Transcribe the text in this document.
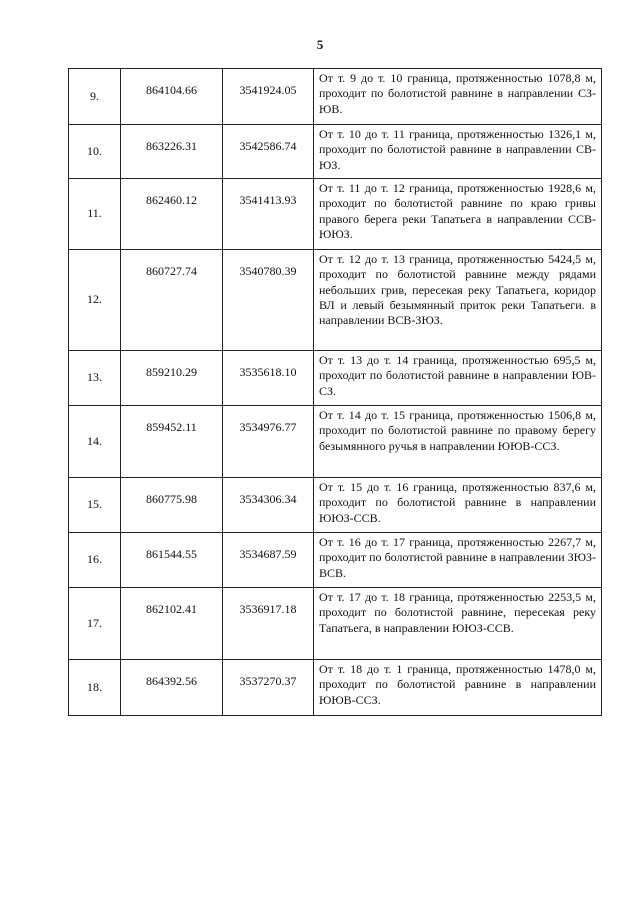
5
9.	864104.66	3541924.05	От т. 9 до т. 10 граница, протяженностью 1078,8 м, проходит по болотистой равнине в направлении СЗ-ЮВ.
10.	863226.31	3542586.74	От т. 10 до т. 11 граница, протяженностью 1326,1 м, проходит по болотистой равнине в направлении СВ-ЮЗ.
11.	862460.12	3541413.93	От т. 11 до т. 12 граница, протяженностью 1928,6 м, проходит по болотистой равнине по краю гривы правого берега реки Тапатьега в направлении ССВ-ЮЮЗ.
12.	860727.74	3540780.39	От т. 12 до т. 13 граница, протяженностью 5424,5 м, проходит по болотистой равнине между рядами небольших грив, пересекая реку Тапатьега, коридор ВЛ и левый безымянный приток реки Тапатьеги. в направлении ВСВ-ЗЮЗ.
13.	859210.29	3535618.10	От т. 13 до т. 14 граница, протяженностью 695,5 м, проходит по болотистой равнине в направлении ЮВ-СЗ.
14.	859452.11	3534976.77	От т. 14 до т. 15 граница, протяженностью 1506,8 м, проходит по болотистой равнине по правому берегу безымянного ручья в направлении ЮЮВ-ССЗ.
15.	860775.98	3534306.34	От т. 15 до т. 16 граница, протяженностью 837,6 м, проходит по болотистой равнине в направлении ЮЮЗ-ССВ.
16.	861544.55	3534687.59	От т. 16 до т. 17 граница, протяженностью 2267,7 м, проходит по болотистой равнине в направлении ЗЮЗ-ВСВ.
17.	862102.41	3536917.18	От т. 17 до т. 18 граница, протяженностью 2253,5 м, проходит по болотистой равнине, пересекая реку Тапатьега, в направлении ЮЮЗ-ССВ.
18.	864392.56	3537270.37	От т. 18 до т. 1 граница, протяженностью 1478,0 м, проходит по болотистой равнине в направлении ЮЮВ-ССЗ.
